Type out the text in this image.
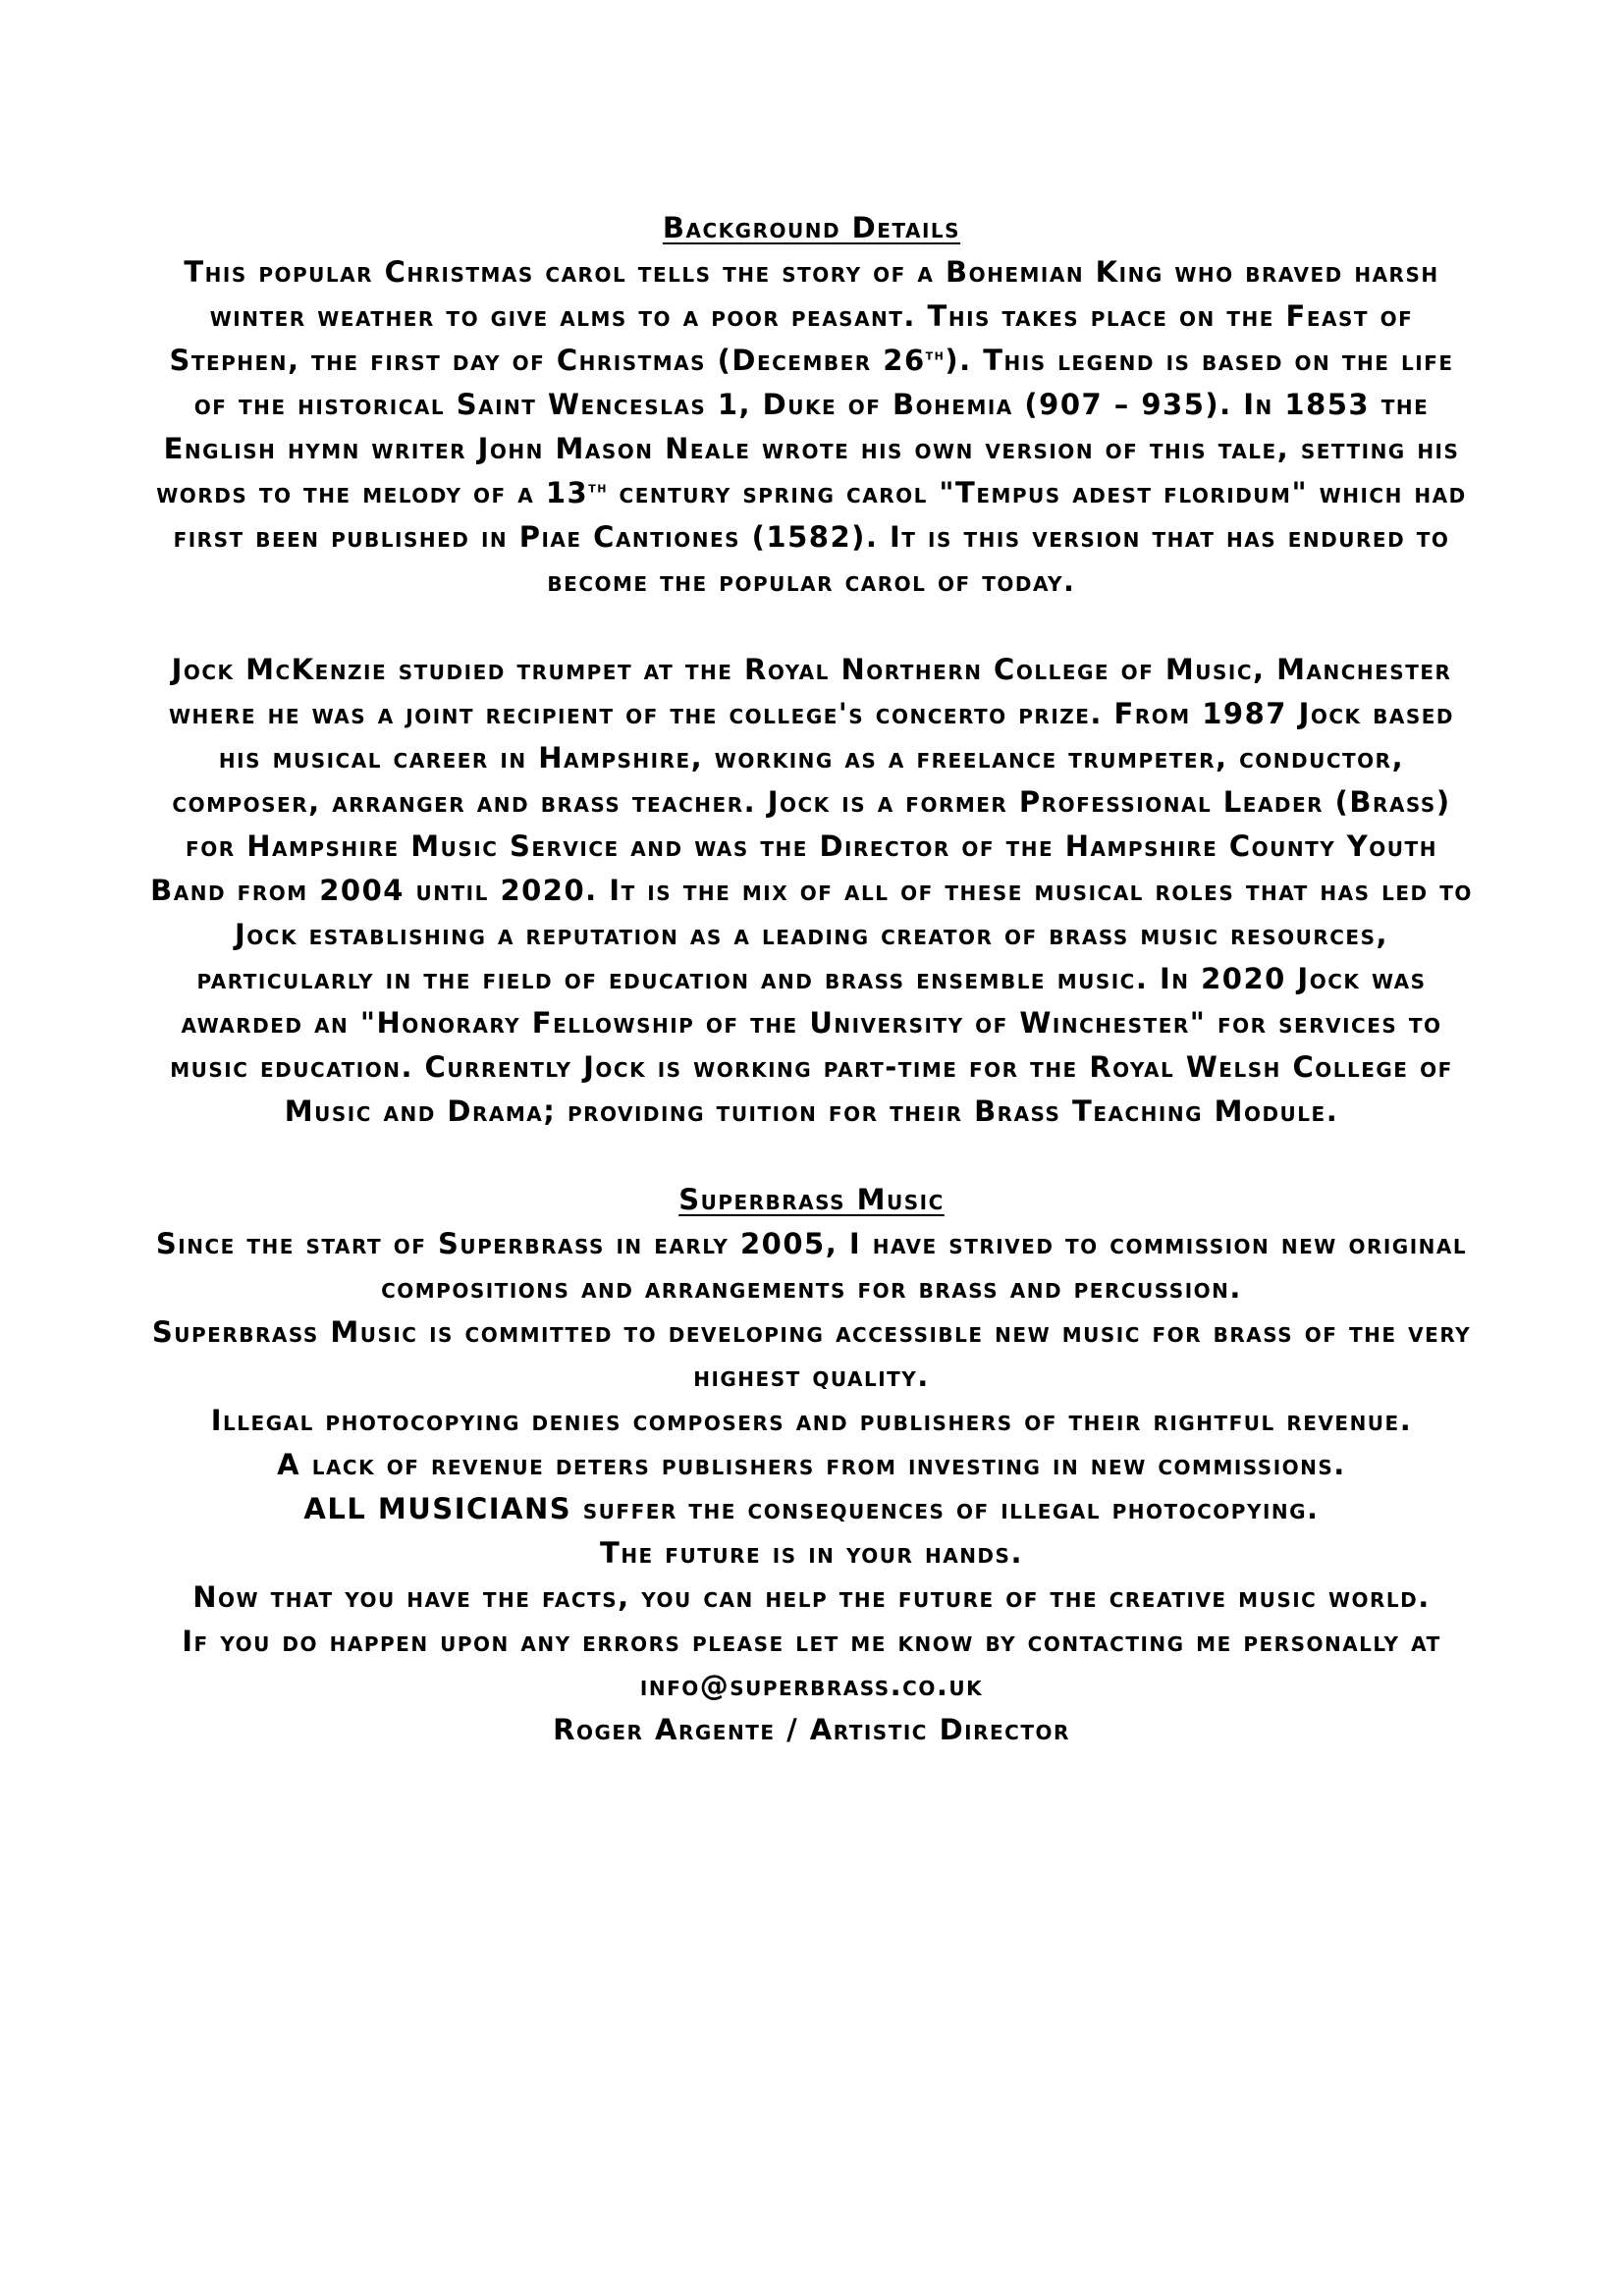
Background Details

This popular Christmas carol tells the story of a Bohemian King who braved harsh winter weather to give alms to a poor peasant. This takes place on the Feast of Stephen, the first day of Christmas (December 26th). This legend is based on the life of the historical Saint Wenceslas 1, Duke of Bohemia (907 – 935). In 1853 the English hymn writer John Mason Neale wrote his own version of this tale, setting his words to the melody of a 13th century spring carol "Tempus adest floridum" which had first been published in Piae Cantiones (1582). It is this version that has endured to become the popular carol of today.

Jock McKenzie studied trumpet at the Royal Northern College of Music, Manchester where he was a joint recipient of the college's concerto prize. From 1987 Jock based his musical career in Hampshire, working as a freelance trumpeter, conductor, composer, arranger and brass teacher. Jock is a former Professional Leader (Brass) for Hampshire Music Service and was the Director of the Hampshire County Youth Band from 2004 until 2020. It is the mix of all of these musical roles that has led to Jock establishing a reputation as a leading creator of brass music resources, particularly in the field of education and brass ensemble music. In 2020 Jock was awarded an "Honorary Fellowship of the University of Winchester" for services to music education. Currently Jock is working part-time for the Royal Welsh College of Music and Drama; providing tuition for their Brass Teaching Module.

Superbrass Music

Since the start of Superbrass in early 2005, I have strived to commission new original compositions and arrangements for brass and percussion.

Superbrass Music is committed to developing accessible new music for brass of the very highest quality.

Illegal photocopying denies composers and publishers of their rightful revenue.

A lack of revenue deters publishers from investing in new commissions.

ALL MUSICIANS suffer the consequences of illegal photocopying.

The future is in your hands.

Now that you have the facts, you can help the future of the creative music world.

If you do happen upon any errors please let me know by contacting me personally at

info@superbrass.co.uk

Roger Argente / Artistic Director
